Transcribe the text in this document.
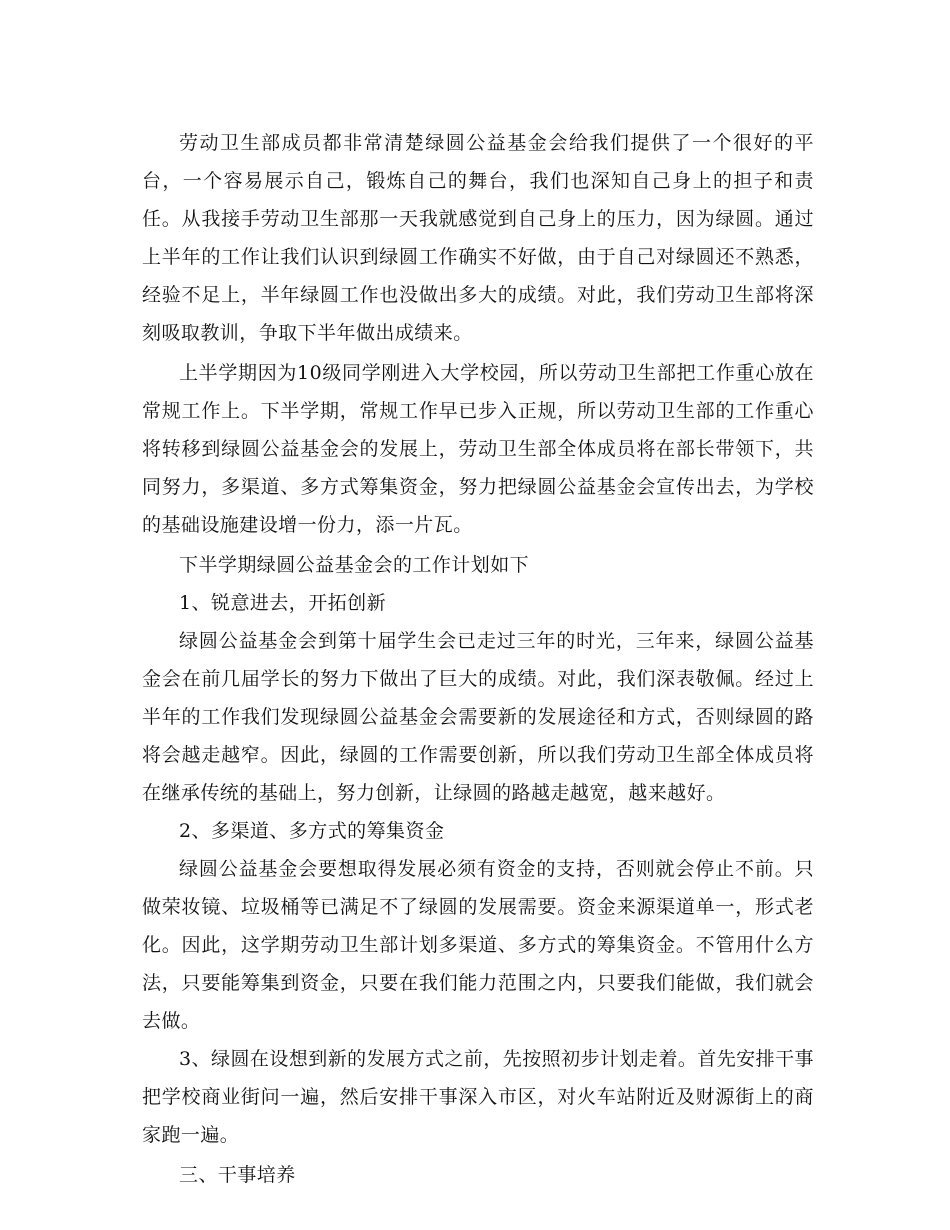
劳动卫生部成员都非常清楚绿圆公益基金会给我们提供了一个很好的平台，一个容易展示自己，锻炼自己的舞台，我们也深知自己身上的担子和责任。从我接手劳动卫生部那一天我就感觉到自己身上的压力，因为绿圆。通过上半年的工作让我们认识到绿圆工作确实不好做，由于自己对绿圆还不熟悉，经验不足上，半年绿圆工作也没做出多大的成绩。对此，我们劳动卫生部将深刻吸取教训，争取下半年做出成绩来。

上半学期因为10级同学刚进入大学校园，所以劳动卫生部把工作重心放在常规工作上。下半学期，常规工作早已步入正规，所以劳动卫生部的工作重心将转移到绿圆公益基金会的发展上，劳动卫生部全体成员将在部长带领下，共同努力，多渠道、多方式筹集资金，努力把绿圆公益基金会宣传出去，为学校的基础设施建设增一份力，添一片瓦。

下半学期绿圆公益基金会的工作计划如下

1、锐意进去，开拓创新

绿圆公益基金会到第十届学生会已走过三年的时光，三年来，绿圆公益基金会在前几届学长的努力下做出了巨大的成绩。对此，我们深表敬佩。经过上半年的工作我们发现绿圆公益基金会需要新的发展途径和方式，否则绿圆的路将会越走越窄。因此，绿圆的工作需要创新，所以我们劳动卫生部全体成员将在继承传统的基础上，努力创新，让绿圆的路越走越宽，越来越好。

2、多渠道、多方式的筹集资金

绿圆公益基金会要想取得发展必须有资金的支持，否则就会停止不前。只做荣妆镜、垃圾桶等已满足不了绿圆的发展需要。资金来源渠道单一，形式老化。因此，这学期劳动卫生部计划多渠道、多方式的筹集资金。不管用什么方法，只要能筹集到资金，只要在我们能力范围之内，只要我们能做，我们就会去做。

3、绿圆在设想到新的发展方式之前，先按照初步计划走着。首先安排干事把学校商业街问一遍，然后安排干事深入市区，对火车站附近及财源街上的商家跑一遍。

三、干事培养
